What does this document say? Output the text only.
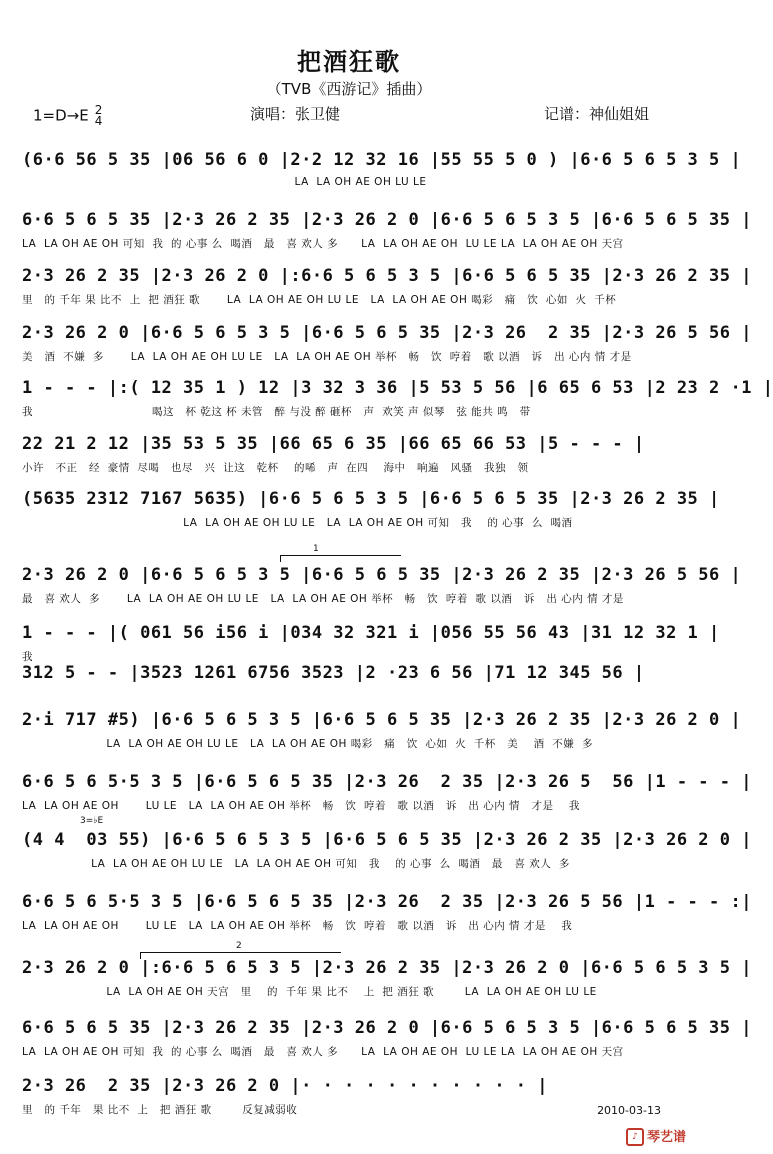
把酒狂歌
（TVB《西游记》插曲）
1=D→E 2
4	演唱：张卫健	记谱：神仙姐姐
(6·6 56 5 35 |06 56 6 0 |2·2 12 32 16 |55 55 5 0 ) |6·6 5 6 5 3 5 |
LA  LA OH AE OH LU LE
6·6 5 6 5 35 |2·3 26 2 35 |2·3 26 2 0 |6·6 5 6 5 3 5 |6·6 5 6 5 35 |
LA  LA OH AE OH 可知  我  的 心事 么  喝酒   最   喜 欢人 多      LA  LA OH AE OH  LU LE LA  LA OH AE OH 天宫
2·3 26 2 35 |2·3 26 2 0 |:6·6 5 6 5 3 5 |6·6 5 6 5 35 |2·3 26 2 35 |
里   的 千年 果 比不  上  把 酒狂 歌       LA  LA OH AE OH LU LE   LA  LA OH AE OH 喝彩   痛   饮  心如  火  千杯
2·3 26 2 0 |6·6 5 6 5 3 5 |6·6 5 6 5 35 |2·3 26  2 35 |2·3 26 5 56 |
美   酒  不嫌  多       LA  LA OH AE OH LU LE   LA  LA OH AE OH 举杯   畅   饮  哼着   歌 以酒   诉   出 心内 情 才是
1 - - - |:( 12 35 1 ) 12 |3 32 3 36 |5 53 5 56 |6 65 6 53 |2 23 2 ·1 |
我                               喝这   杯 乾这 杯 未管   醉 与没 醉 砸杯   声  欢笑 声 似琴   弦 能共 鸣   带
22 21 2 12 |35 53 5 35 |66 65 6 35 |66 65 66 53 |5 - - - |
小许   不正   经  豪情  尽喝   也尽   兴  让这   乾杯    的唏   声  在四    海中   响遍   风骚   我独   领
(5635 2312 7167 5635) |6·6 5 6 5 3 5 |6·6 5 6 5 35 |2·3 26 2 35 |
LA  LA OH AE OH LU LE   LA  LA OH AE OH 可知   我    的 心事  么  喝酒
2·3 26 2 0 |6·6 5 6 5 3 5 |6·6 5 6 5 35 |2·3 26 2 35 |2·3 26 5 56 |
最   喜 欢人  多       LA  LA OH AE OH LU LE   LA  LA OH AE OH 举杯   畅   饮  哼着  歌 以酒   诉   出 心内 情 才是
1 - - - |( 061 56 i56 i |034 32 321 i |056 55 56 43 |31 12 32 1 |
我
312 5 - - |3523 1261 6756 3523 |2 ·23 6 56 |71 12 345 56 |
2·i 717 #5) |6·6 5 6 5 3 5 |6·6 5 6 5 35 |2·3 26 2 35 |2·3 26 2 0 |
LA  LA OH AE OH LU LE   LA  LA OH AE OH 喝彩   痛   饮  心如  火  千杯   美    酒  不嫌  多
6·6 5 6 5·5 3 5 |6·6 5 6 5 35 |2·3 26  2 35 |2·3 26 5  56 |1 - - - |
LA  LA OH AE OH       LU LE   LA  LA OH AE OH 举杯   畅   饮  哼着   歌 以酒   诉   出 心内 情   才是    我
(4 4  03 55) |6·6 5 6 5 3 5 |6·6 5 6 5 35 |2·3 26 2 35 |2·3 26 2 0 |
LA  LA OH AE OH LU LE   LA  LA OH AE OH 可知   我    的 心事  么  喝酒   最   喜 欢人  多
6·6 5 6 5·5 3 5 |6·6 5 6 5 35 |2·3 26  2 35 |2·3 26 5 56 |1 - - - :|
LA  LA OH AE OH       LU LE   LA  LA OH AE OH 举杯   畅   饮  哼着   歌 以酒   诉   出 心内 情 才是    我
2·3 26 2 0 |:6·6 5 6 5 3 5 |2·3 26 2 35 |2·3 26 2 0 |6·6 5 6 5 3 5 |
LA  LA OH AE OH 天宫   里    的  千年 果 比不    上  把 酒狂 歌        LA  LA OH AE OH LU LE
6·6 5 6 5 35 |2·3 26 2 35 |2·3 26 2 0 |6·6 5 6 5 3 5 |6·6 5 6 5 35 |
LA  LA OH AE OH 可知  我  的 心事 么  喝酒   最   喜 欢人 多      LA  LA OH AE OH  LU LE LA  LA OH AE OH 天宫
2·3 26  2 35 |2·3 26 2 0 |· · · · · · · · · · · |
里   的 千年   果 比不  上   把 酒狂 歌        反复减弱收
1
2
3=♭E
2010-03-13
♪ 琴艺谱
